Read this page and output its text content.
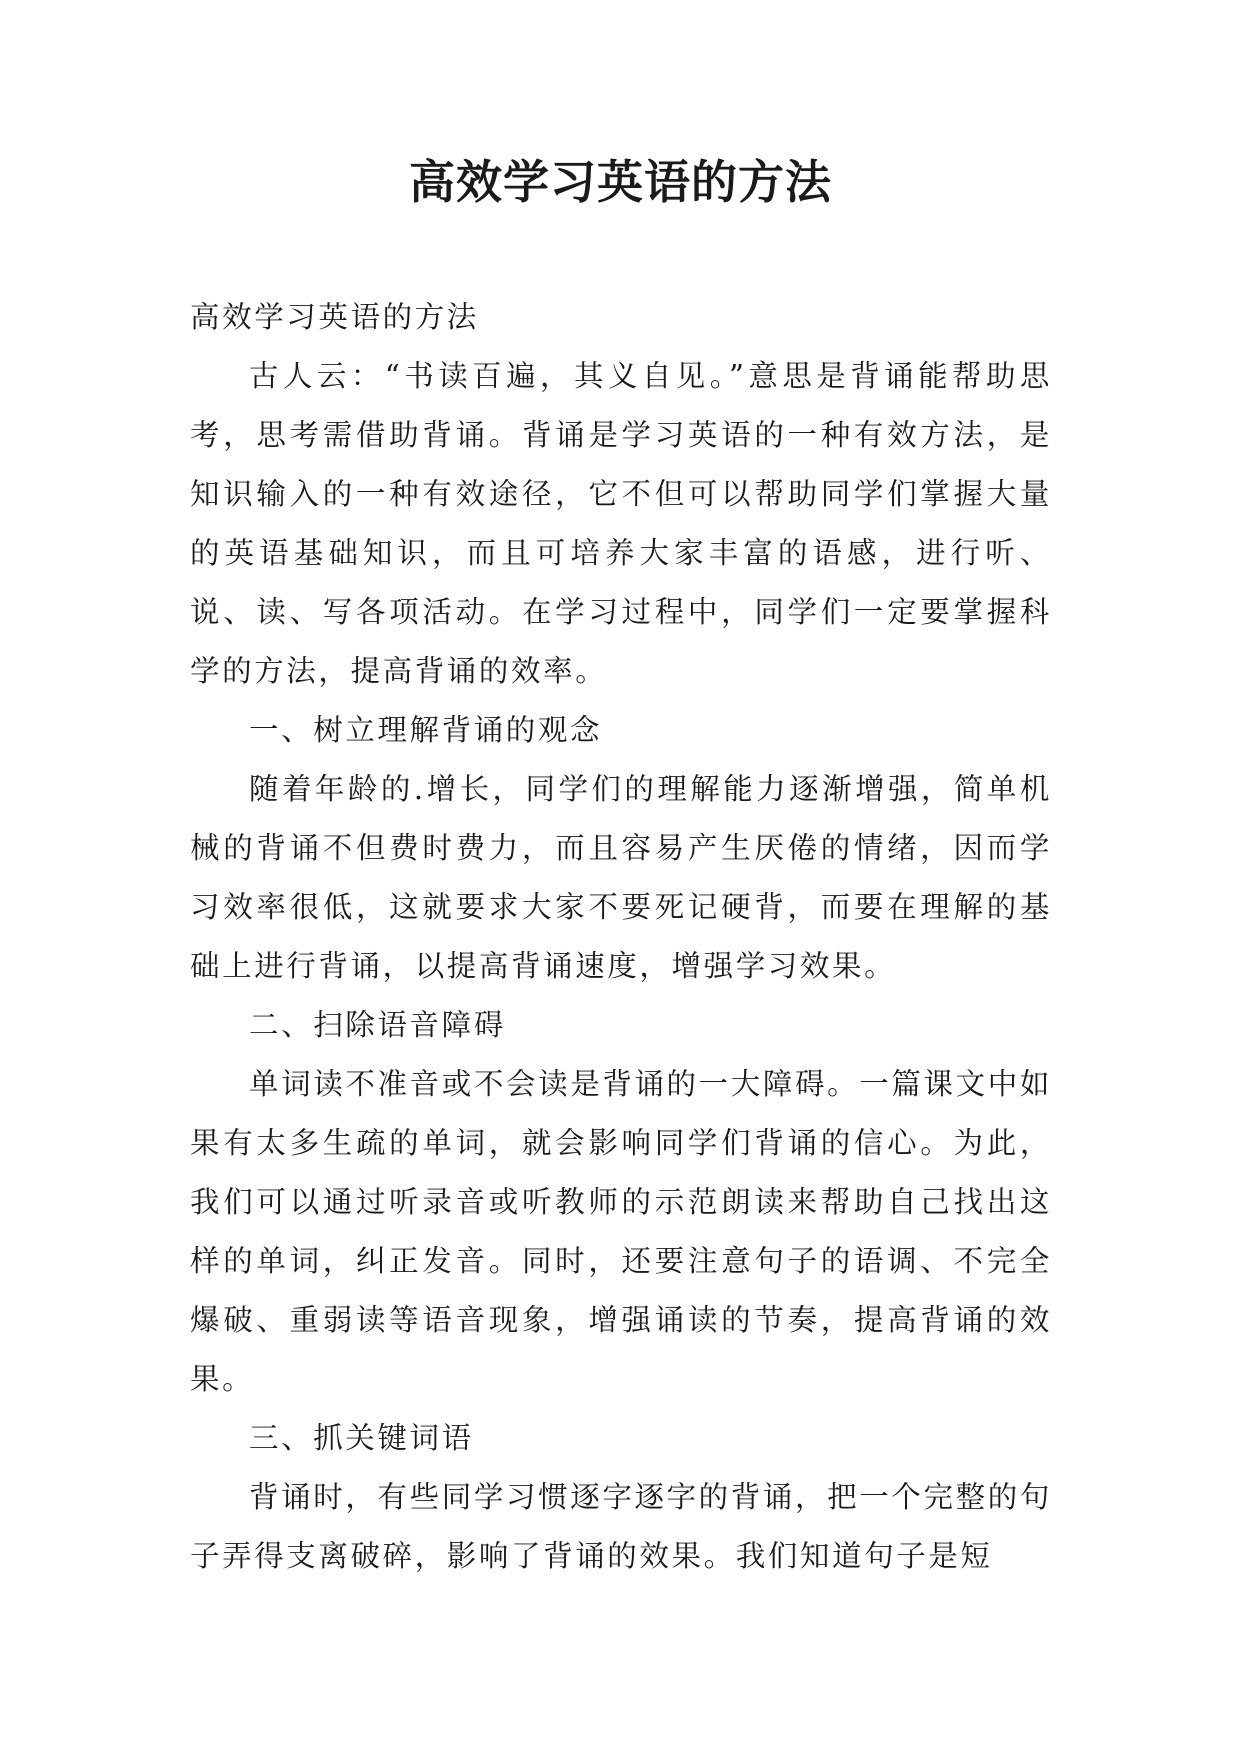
高效学习英语的方法

高效学习英语的方法

古人云：“书读百遍，其义自见。”意思是背诵能帮助思考，思考需借助背诵。背诵是学习英语的一种有效方法，是知识输入的一种有效途径，它不但可以帮助同学们掌握大量的英语基础知识，而且可培养大家丰富的语感，进行听、说、读、写各项活动。在学习过程中，同学们一定要掌握科学的方法，提高背诵的效率。

一、树立理解背诵的观念

随着年龄的.增长，同学们的理解能力逐渐增强，简单机械的背诵不但费时费力，而且容易产生厌倦的情绪，因而学习效率很低，这就要求大家不要死记硬背，而要在理解的基础上进行背诵，以提高背诵速度，增强学习效果。

二、扫除语音障碍

单词读不准音或不会读是背诵的一大障碍。一篇课文中如果有太多生疏的单词，就会影响同学们背诵的信心。为此，我们可以通过听录音或听教师的示范朗读来帮助自己找出这样的单词，纠正发音。同时，还要注意句子的语调、不完全爆破、重弱读等语音现象，增强诵读的节奏，提高背诵的效果。

三、抓关键词语

背诵时，有些同学习惯逐字逐字的背诵，把一个完整的句子弄得支离破碎，影响了背诵的效果。我们知道句子是短
